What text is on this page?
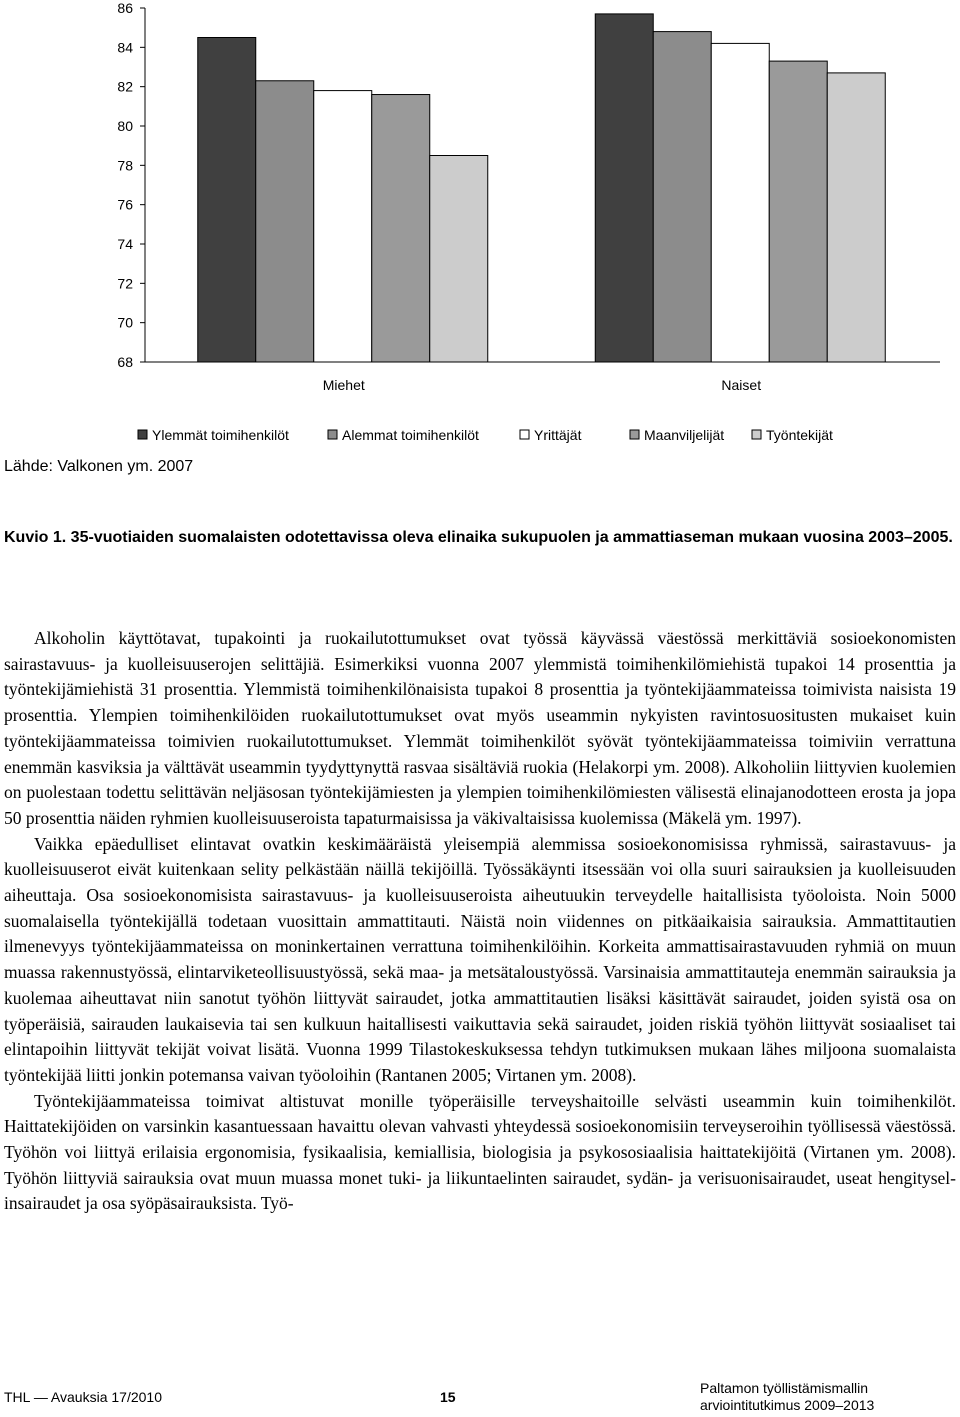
86
84
82
80
78
76
74
72
70
68
Miehet	Naiset
Ylemmät toimihenkilöt	Alemmat toimihenkilöt	Yrittäjät	Maanviljelijät	Työntekijät
Lähde: Valkonen ym. 2007
Kuvio 1. 35-vuotiaiden suomalaisten odotettavissa oleva elinaika sukupuolen ja ammattiaseman mukaan vuosina 2003–2005.

Alkoholin käyttötavat, tupakointi ja ruokailutottumukset ovat työssä käyvässä väestössä merkittäviä sosioekonomisten sairastavuus- ja kuolleisuuserojen selittäjiä. Esimerkiksi vuonna 2007 ylemmistä toimihenkilömiehistä tupakoi 14 prosenttia ja työntekijämiehistä 31 prosenttia. Ylemmistä toimihenkilönaisista tupakoi 8 prosenttia ja työntekijäammateissa toimivista naisista 19 prosenttia. Ylempien toimihenkilöiden ruokailutottumukset ovat myös useammin nykyisten ravintosuositusten mukaiset kuin työntekijäammateissa toimivien ruokailutottumukset. Ylemmät toimihenkilöt syövät työntekijäammateissa toimiviin verrattuna enemmän kasviksia ja välttävät useammin tyydyttynyttä rasvaa sisältäviä ruokia (Helakorpi ym. 2008). Alkoholiin liittyvien kuolemien on puolestaan todettu selittävän neljäsosan työntekijämiesten ja ylempien toimihenkilömiesten välisestä elinajanodotteen erosta ja jopa 50 prosenttia näiden ryhmien kuolleisuuseroista tapaturmaisissa ja väkivaltaisissa kuolemissa (Mäkelä ym. 1997).

Vaikka epäedulliset elintavat ovatkin keskimääräistä yleisempiä alemmissa sosioekonomisissa ryhmissä, sairastavuus- ja kuolleisuuserot eivät kuitenkaan selity pelkästään näillä tekijöillä. Työssäkäynti itsessään voi olla suuri sairauksien ja kuolleisuuden aiheuttaja. Osa sosioekonomisista sairastavuus- ja kuolleisuuseroista aiheutuukin terveydelle haitallisista työoloista. Noin 5000 suomalaisella työntekijällä todetaan vuosittain ammattitauti. Näistä noin viidennes on pitkäaikaisia sairauksia. Ammattitautien ilmenevyys työntekijäammateissa on moninkertainen verrattuna toimihenkilöihin. Korkeita ammattisairastavuuden ryhmiä on muun muassa rakennustyössä, elintarviketeollisuustyössä, sekä maa- ja metsätaloustyössä. Varsinaisia ammattitauteja enemmän sairauksia ja kuolemaa aiheuttavat niin sanotut työhön liittyvät sairaudet, jotka ammattitautien lisäksi käsittävät sairaudet, joiden syistä osa on työperäisiä, sairauden laukaisevia tai sen kulkuun haitallisesti vaikuttavia sekä sairaudet, joiden riskiä työhön liittyvät sosiaaliset tai elintapoihin liittyvät tekijät voivat lisätä. Vuonna 1999 Tilastokeskuksessa tehdyn tutkimuksen mukaan lähes miljoona suomalaista työntekijää liitti jonkin potemansa vaivan työoloihin (Rantanen 2005; Virtanen ym. 2008).

Työntekijäammateissa toimivat altistuvat monille työperäisille terveyshaitoille selvästi useammin kuin toimihenkilöt. Haittatekijöiden on varsinkin kasantuessaan havaittu olevan vahvasti yhteydessä sosioekonomisiin terveyseroihin työllisessä väestössä. Työhön voi liittyä erilaisia ergonomisia, fysikaalisia, kemiallisia, biologisia ja psykososiaalisia haittatekijöitä (Virtanen ym. 2008). Työhön liittyviä sairauksia ovat muun muassa monet tuki- ja liikuntaelinten sairaudet, sydän- ja verisuonisairaudet, useat hengityselinsairaudet ja osa syöpäsairauksista. Työ-

THL — Avauksia 17/2010	15
Paltamon työllistämismallin
arviointitutkimus 2009–2013
